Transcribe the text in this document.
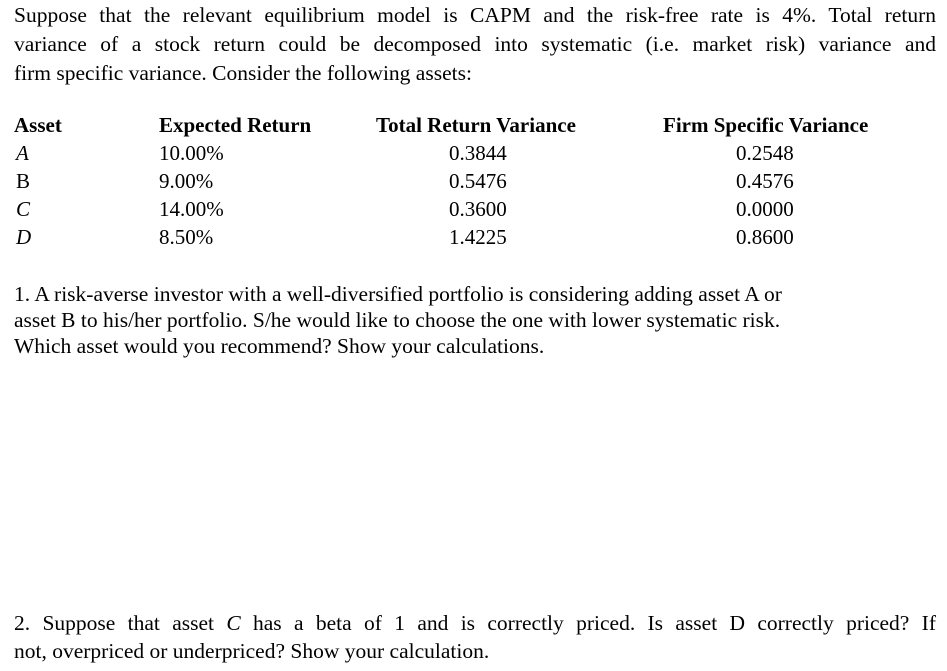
Suppose that the relevant equilibrium model is CAPM and the risk-free rate is 4%. Total return
variance of a stock return could be decomposed into systematic (i.e. market risk) variance and
firm specific variance. Consider the following assets:
Asset	Expected Return	Total Return Variance	Firm Specific Variance
A	10.00%	0.3844	0.2548
B	9.00%	0.5476	0.4576
C	14.00%	0.3600	0.0000
D	8.50%	1.4225	0.8600
1. A risk-averse investor with a well-diversified portfolio is considering adding asset A or
asset B to his/her portfolio. S/he would like to choose the one with lower systematic risk.
Which asset would you recommend? Show your calculations.
2. Suppose that asset C has a beta of 1 and is correctly priced. Is asset D correctly priced? If
not, overpriced or underpriced? Show your calculation.
